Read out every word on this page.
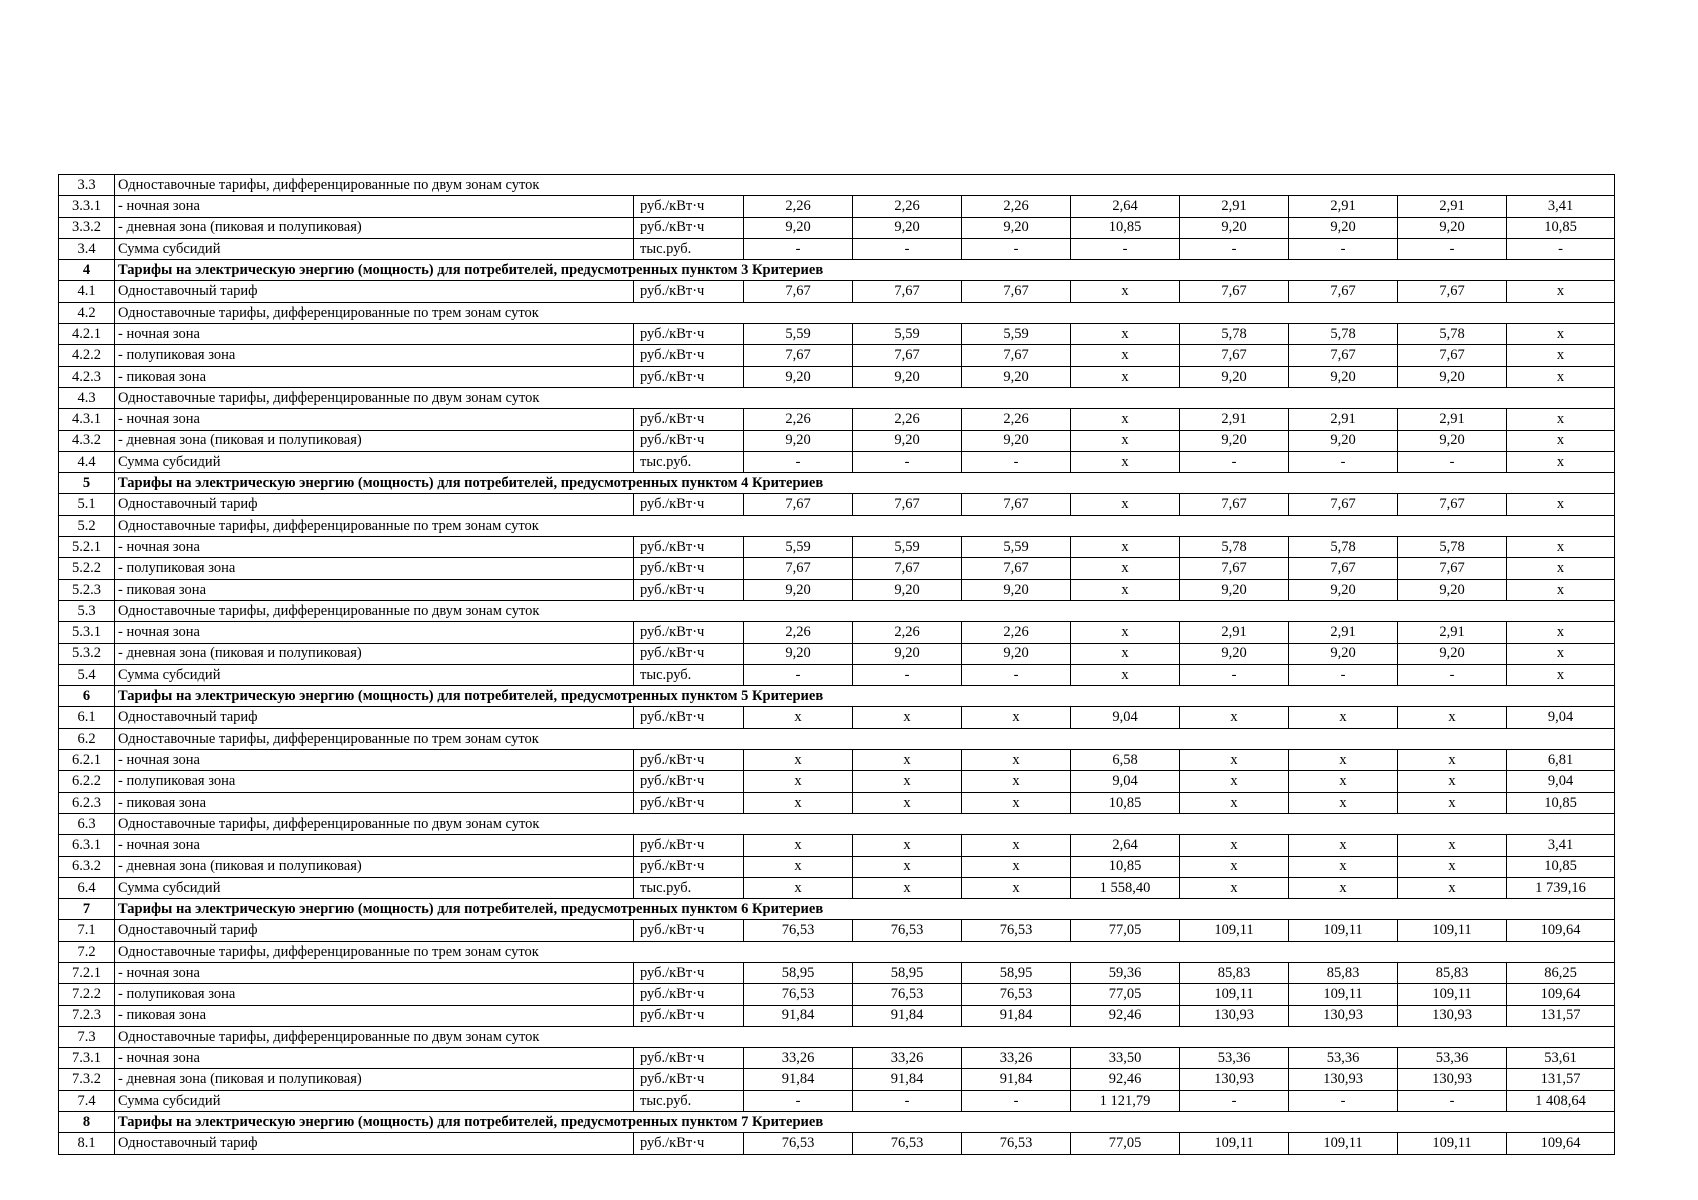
3.3	Одноставочные тарифы, дифференцированные по двум зонам суток									
3.3.1	- ночная зона	руб./кВт·ч	2,26	2,26	2,26	2,64	2,91	2,91	2,91	3,41
3.3.2	- дневная зона (пиковая и полупиковая)	руб./кВт·ч	9,20	9,20	9,20	10,85	9,20	9,20	9,20	10,85
3.4	Сумма субсидий	тыс.руб.	-	-	-	-	-	-	-	-
4	Тарифы на электрическую энергию (мощность) для потребителей, предусмотренных пунктом 3 Критериев									
4.1	Одноставочный тариф	руб./кВт·ч	7,67	7,67	7,67	x	7,67	7,67	7,67	x
4.2	Одноставочные тарифы, дифференцированные по трем зонам суток									
4.2.1	- ночная зона	руб./кВт·ч	5,59	5,59	5,59	x	5,78	5,78	5,78	x
4.2.2	- полупиковая зона	руб./кВт·ч	7,67	7,67	7,67	x	7,67	7,67	7,67	x
4.2.3	- пиковая зона	руб./кВт·ч	9,20	9,20	9,20	x	9,20	9,20	9,20	x
4.3	Одноставочные тарифы, дифференцированные по двум зонам суток									
4.3.1	- ночная зона	руб./кВт·ч	2,26	2,26	2,26	x	2,91	2,91	2,91	x
4.3.2	- дневная зона (пиковая и полупиковая)	руб./кВт·ч	9,20	9,20	9,20	x	9,20	9,20	9,20	x
4.4	Сумма субсидий	тыс.руб.	-	-	-	x	-	-	-	x
5	Тарифы на электрическую энергию (мощность) для потребителей, предусмотренных пунктом 4 Критериев									
5.1	Одноставочный тариф	руб./кВт·ч	7,67	7,67	7,67	x	7,67	7,67	7,67	x
5.2	Одноставочные тарифы, дифференцированные по трем зонам суток									
5.2.1	- ночная зона	руб./кВт·ч	5,59	5,59	5,59	x	5,78	5,78	5,78	x
5.2.2	- полупиковая зона	руб./кВт·ч	7,67	7,67	7,67	x	7,67	7,67	7,67	x
5.2.3	- пиковая зона	руб./кВт·ч	9,20	9,20	9,20	x	9,20	9,20	9,20	x
5.3	Одноставочные тарифы, дифференцированные по двум зонам суток									
5.3.1	- ночная зона	руб./кВт·ч	2,26	2,26	2,26	x	2,91	2,91	2,91	x
5.3.2	- дневная зона (пиковая и полупиковая)	руб./кВт·ч	9,20	9,20	9,20	x	9,20	9,20	9,20	x
5.4	Сумма субсидий	тыс.руб.	-	-	-	x	-	-	-	x
6	Тарифы на электрическую энергию (мощность) для потребителей, предусмотренных пунктом 5 Критериев									
6.1	Одноставочный тариф	руб./кВт·ч	x	x	x	9,04	x	x	x	9,04
6.2	Одноставочные тарифы, дифференцированные по трем зонам суток									
6.2.1	- ночная зона	руб./кВт·ч	x	x	x	6,58	x	x	x	6,81
6.2.2	- полупиковая зона	руб./кВт·ч	x	x	x	9,04	x	x	x	9,04
6.2.3	- пиковая зона	руб./кВт·ч	x	x	x	10,85	x	x	x	10,85
6.3	Одноставочные тарифы, дифференцированные по двум зонам суток									
6.3.1	- ночная зона	руб./кВт·ч	x	x	x	2,64	x	x	x	3,41
6.3.2	- дневная зона (пиковая и полупиковая)	руб./кВт·ч	x	x	x	10,85	x	x	x	10,85
6.4	Сумма субсидий	тыс.руб.	x	x	x	1 558,40	x	x	x	1 739,16
7	Тарифы на электрическую энергию (мощность) для потребителей, предусмотренных пунктом 6 Критериев									
7.1	Одноставочный тариф	руб./кВт·ч	76,53	76,53	76,53	77,05	109,11	109,11	109,11	109,64
7.2	Одноставочные тарифы, дифференцированные по трем зонам суток									
7.2.1	- ночная зона	руб./кВт·ч	58,95	58,95	58,95	59,36	85,83	85,83	85,83	86,25
7.2.2	- полупиковая зона	руб./кВт·ч	76,53	76,53	76,53	77,05	109,11	109,11	109,11	109,64
7.2.3	- пиковая зона	руб./кВт·ч	91,84	91,84	91,84	92,46	130,93	130,93	130,93	131,57
7.3	Одноставочные тарифы, дифференцированные по двум зонам суток									
7.3.1	- ночная зона	руб./кВт·ч	33,26	33,26	33,26	33,50	53,36	53,36	53,36	53,61
7.3.2	- дневная зона (пиковая и полупиковая)	руб./кВт·ч	91,84	91,84	91,84	92,46	130,93	130,93	130,93	131,57
7.4	Сумма субсидий	тыс.руб.	-	-	-	1 121,79	-	-	-	1 408,64
8	Тарифы на электрическую энергию (мощность) для потребителей, предусмотренных пунктом 7 Критериев									
8.1	Одноставочный тариф	руб./кВт·ч	76,53	76,53	76,53	77,05	109,11	109,11	109,11	109,64
